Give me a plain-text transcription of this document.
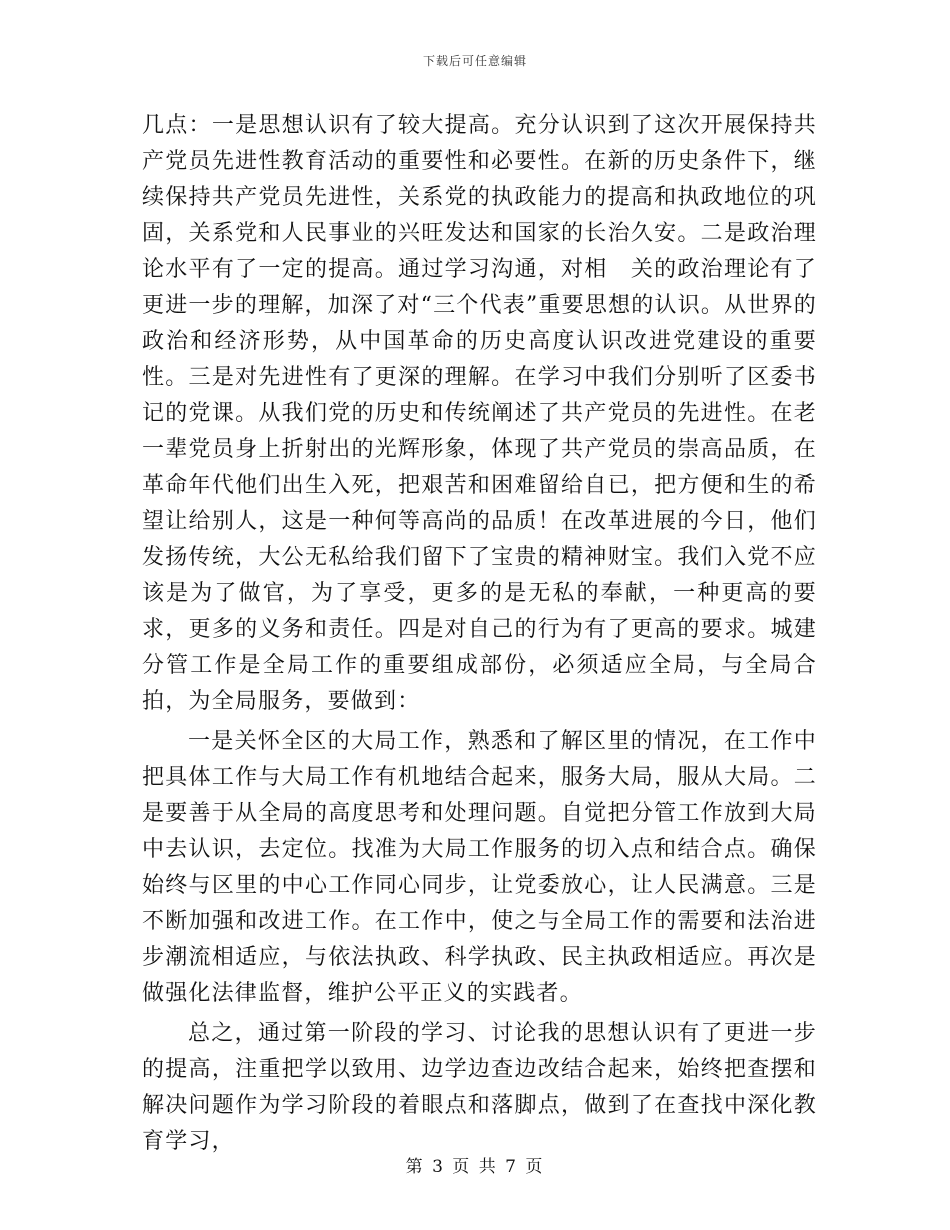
下载后可任意编辑

几点：一是思想认识有了较大提高。充分认识到了这次开展保持共产党员先进性教育活动的重要性和必要性。在新的历史条件下，继续保持共产党员先进性，关系党的执政能力的提高和执政地位的巩固，关系党和人民事业的兴旺发达和国家的长治久安。二是政治理论水平有了一定的提高。通过学习沟通，对相　关的政治理论有了更进一步的理解，加深了对“三个代表”重要思想的认识。从世界的政治和经济形势，从中国革命的历史高度认识改进党建设的重要性。三是对先进性有了更深的理解。在学习中我们分别听了区委书记的党课。从我们党的历史和传统阐述了共产党员的先进性。在老一辈党员身上折射出的光辉形象，体现了共产党员的崇高品质，在革命年代他们出生入死，把艰苦和困难留给自已，把方便和生的希望让给别人，这是一种何等高尚的品质！在改革进展的今日，他们发扬传统，大公无私给我们留下了宝贵的精神财宝。我们入党不应该是为了做官，为了享受，更多的是无私的奉献，一种更高的要求，更多的义务和责任。四是对自己的行为有了更高的要求。城建分管工作是全局工作的重要组成部份，必须适应全局，与全局合拍，为全局服务，要做到：

一是关怀全区的大局工作，熟悉和了解区里的情况，在工作中把具体工作与大局工作有机地结合起来，服务大局，服从大局。二是要善于从全局的高度思考和处理问题。自觉把分管工作放到大局中去认识，去定位。找准为大局工作服务的切入点和结合点。确保始终与区里的中心工作同心同步，让党委放心，让人民满意。三是不断加强和改进工作。在工作中，使之与全局工作的需要和法治进步潮流相适应，与依法执政、科学执政、民主执政相适应。再次是做强化法律监督，维护公平正义的实践者。

总之，通过第一阶段的学习、讨论我的思想认识有了更进一步的提高，注重把学以致用、边学边查边改结合起来，始终把查摆和解决问题作为学习阶段的着眼点和落脚点，做到了在查找中深化教育学习，

第 3 页 共 7 页
